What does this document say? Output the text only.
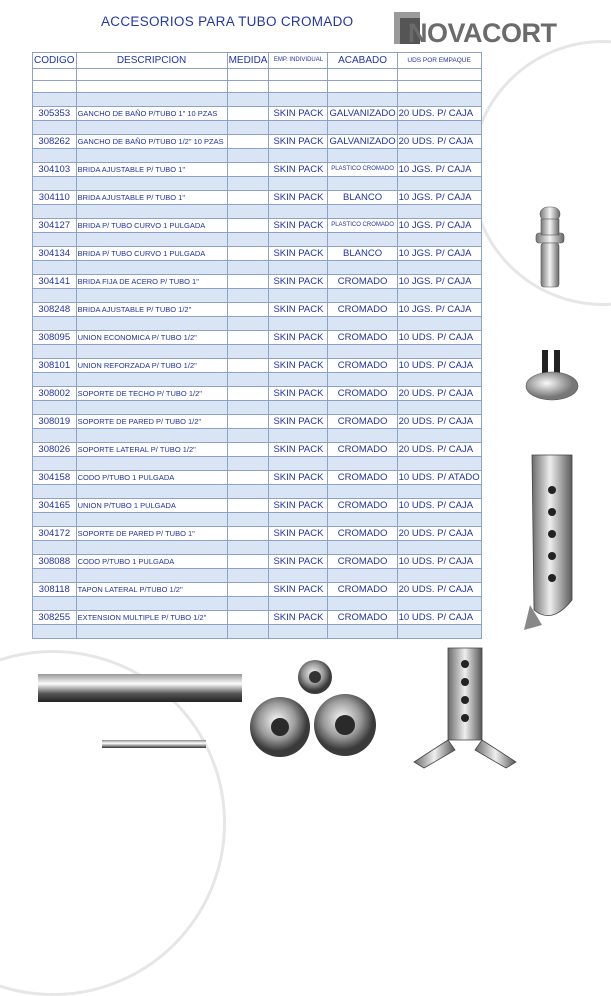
ACCESORIOS PARA TUBO CROMADO NOVACORT
CODIGO	DESCRIPCION	MEDIDA	EMP. INDIVIDUAL	ACABADO	UDS POR EMPAQUE

305353	GANCHO DE BAÑO P/TUBO 1" 10 PZAS		SKIN PACK	GALVANIZADO	20 UDS. P/ CAJA

308262	GANCHO DE BAÑO P/TUBO 1/2" 10 PZAS		SKIN PACK	GALVANIZADO	20 UDS. P/ CAJA

304103	BRIDA AJUSTABLE P/ TUBO 1"		SKIN PACK	PLASTICO CROMADO	10 JGS. P/ CAJA

304110	BRIDA AJUSTABLE P/ TUBO 1"		SKIN PACK	BLANCO	10 JGS. P/ CAJA

304127	BRIDA P/ TUBO CURVO 1 PULGADA		SKIN PACK	PLASTICO CROMADO	10 JGS. P/ CAJA

304134	BRIDA P/ TUBO CURVO 1 PULGADA		SKIN PACK	BLANCO	10 JGS. P/ CAJA

304141	BRIDA FIJA DE ACERO P/ TUBO 1"		SKIN PACK	CROMADO	10 JGS. P/ CAJA

308248	BRIDA AJUSTABLE P/ TUBO 1/2"		SKIN PACK	CROMADO	10 JGS. P/ CAJA

308095	UNION ECONOMICA P/ TUBO 1/2"		SKIN PACK	CROMADO	10 UDS. P/ CAJA

308101	UNION REFORZADA P/ TUBO 1/2"		SKIN PACK	CROMADO	10 UDS. P/ CAJA

308002	SOPORTE DE TECHO P/ TUBO 1/2"		SKIN PACK	CROMADO	20 UDS. P/ CAJA

308019	SOPORTE DE PARED P/ TUBO 1/2"		SKIN PACK	CROMADO	20 UDS. P/ CAJA

308026	SOPORTE LATERAL P/ TUBO 1/2"		SKIN PACK	CROMADO	20 UDS. P/ CAJA

304158	CODO P/TUBO 1 PULGADA		SKIN PACK	CROMADO	10 UDS. P/ ATADO

304165	UNION P/TUBO 1 PULGADA		SKIN PACK	CROMADO	10 UDS. P/ CAJA

304172	SOPORTE DE PARED P/ TUBO 1"		SKIN PACK	CROMADO	20 UDS. P/ CAJA

308088	CODO P/TUBO 1 PULGADA		SKIN PACK	CROMADO	10 UDS. P/ CAJA

308118	TAPON LATERAL P/TUBO 1/2"		SKIN PACK	CROMADO	20 UDS. P/ CAJA

308255	EXTENSION MULTIPLE P/ TUBO 1/2"		SKIN PACK	CROMADO	10 UDS. P/ CAJA
